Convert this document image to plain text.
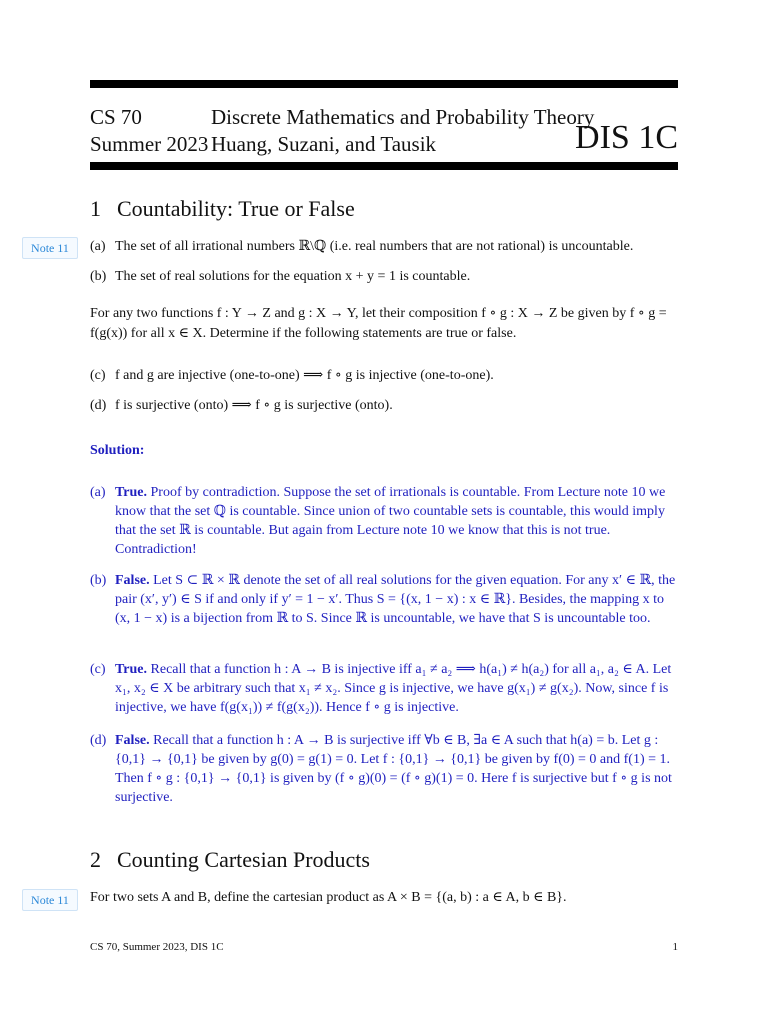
CS 70
Summer 2023
Discrete Mathematics and Probability Theory
Huang, Suzani, and Tausik	DIS 1C
1 Countability: True or False
Note 11	(a) The set of all irrational numbers ℝ\ℚ (i.e. real numbers that are not rational) is uncountable.
(b) The set of real solutions for the equation x + y = 1 is countable.
For any two functions f : Y → Z and g : X → Y, let their composition f ∘ g : X → Z be given by f ∘ g = f(g(x)) for all x ∈ X. Determine if the following statements are true or false.
(c) f and g are injective (one-to-one) ⟹ f ∘ g is injective (one-to-one).
(d) f is surjective (onto) ⟹ f ∘ g is surjective (onto).
Solution:
(a) True. Proof by contradiction. Suppose the set of irrationals is countable. From Lecture note 10 we know that the set ℚ is countable. Since union of two countable sets is countable, this would imply that the set ℝ is countable. But again from Lecture note 10 we know that this is not true. Contradiction!
(b) False. Let S ⊂ ℝ × ℝ denote the set of all real solutions for the given equation. For any x′ ∈ ℝ, the pair (x′, y′) ∈ S if and only if y′ = 1 − x′. Thus S = {(x, 1 − x) : x ∈ ℝ}. Besides, the mapping x to (x, 1 − x) is a bijection from ℝ to S. Since ℝ is uncountable, we have that S is uncountable too.
(c) True. Recall that a function h : A → B is injective iff a₁ ≠ a₂ ⟹ h(a₁) ≠ h(a₂) for all a₁, a₂ ∈ A. Let x₁, x₂ ∈ X be arbitrary such that x₁ ≠ x₂. Since g is injective, we have g(x₁) ≠ g(x₂). Now, since f is injective, we have f(g(x₁)) ≠ f(g(x₂)). Hence f ∘ g is injective.
(d) False. Recall that a function h : A → B is surjective iff ∀b ∈ B, ∃a ∈ A such that h(a) = b. Let g : {0,1} → {0,1} be given by g(0) = g(1) = 0. Let f : {0,1} → {0,1} be given by f(0) = 0 and f(1) = 1. Then f ∘ g : {0,1} → {0,1} is given by (f ∘ g)(0) = (f ∘ g)(1) = 0. Here f is surjective but f ∘ g is not surjective.
2 Counting Cartesian Products
Note 11	For two sets A and B, define the cartesian product as A × B = {(a, b) : a ∈ A, b ∈ B}.
CS 70, Summer 2023, DIS 1C	1
